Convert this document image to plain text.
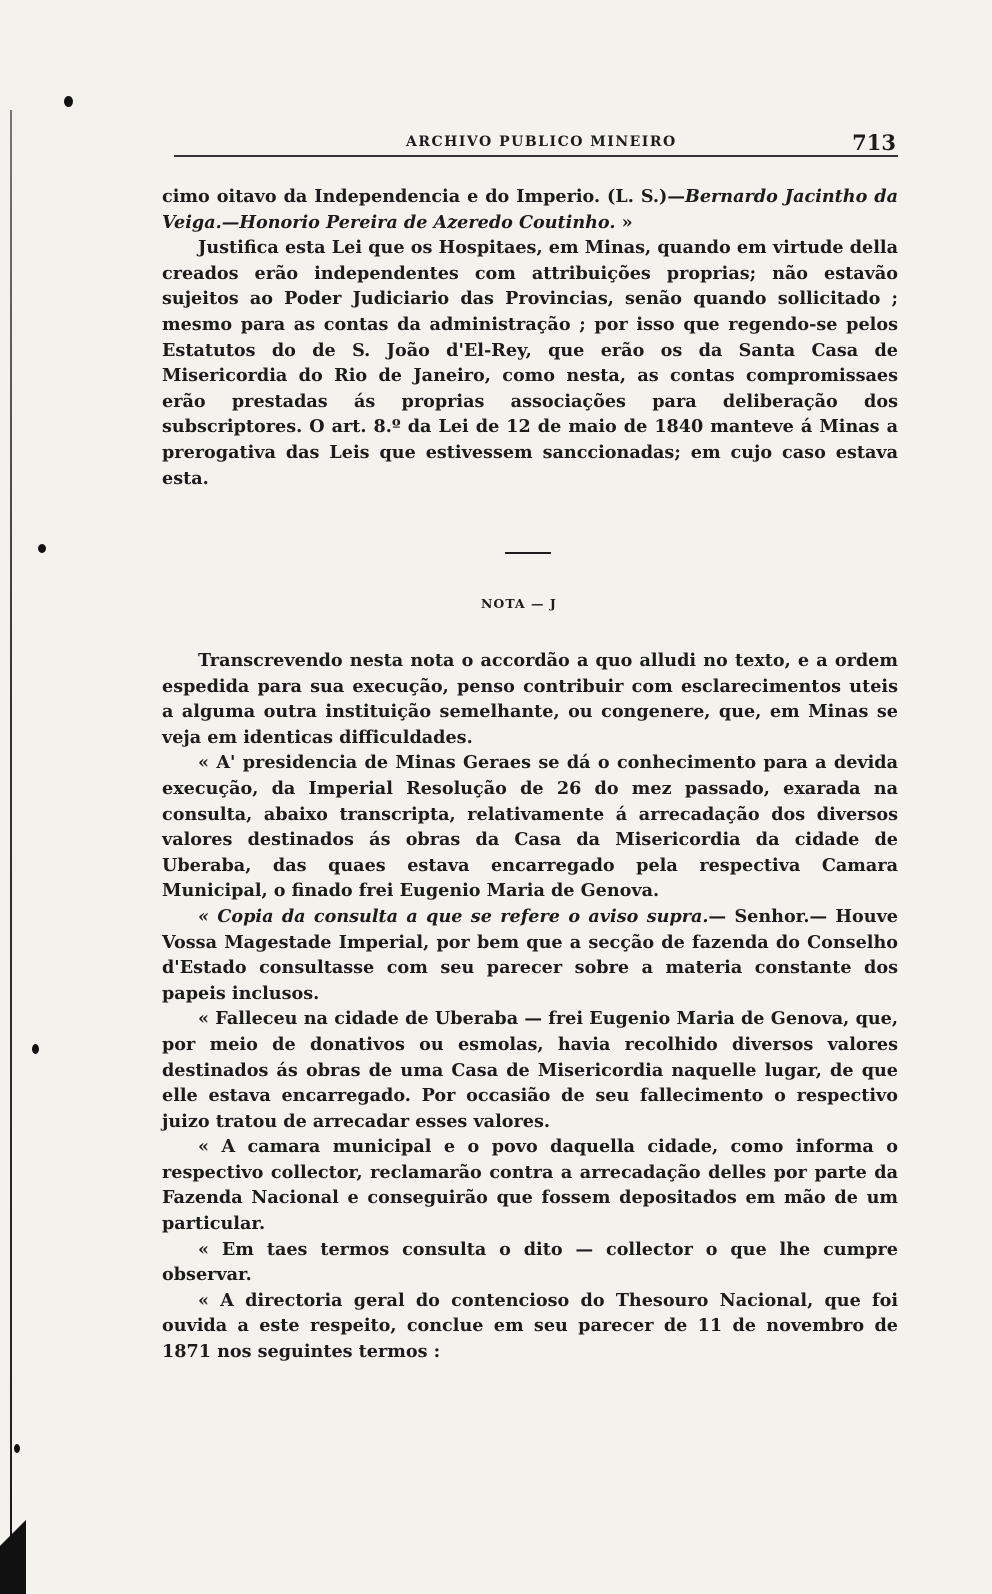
ARCHIVO PUBLICO MINEIRO	713

cimo oitavo da Independencia e do Imperio. (L. S.)—Bernardo Jacintho da Veiga.—Honorio Pereira de Azeredo Coutinho. »

Justifica esta Lei que os Hospitaes, em Minas, quando em virtude della creados erão independentes com attribuições proprias; não estavão sujeitos ao Poder Judiciario das Provincias, senão quando sollicitado ; mesmo para as contas da administração ; por isso que regendo-se pelos Estatutos do de S. João d'El-Rey, que erão os da Santa Casa de Misericordia do Rio de Janeiro, como nesta, as contas compromissaes erão prestadas ás proprias associações para deliberação dos subscriptores. O art. 8.º da Lei de 12 de maio de 1840 manteve á Minas a prerogativa das Leis que estivessem sanccionadas; em cujo caso estava esta.

NOTA — J

Transcrevendo nesta nota o accordão a quo alludi no texto, e a ordem espedida para sua execução, penso contribuir com esclarecimentos uteis a alguma outra instituição semelhante, ou congenere, que, em Minas se veja em identicas difficuldades.

« A' presidencia de Minas Geraes se dá o conhecimento para a devida execução, da Imperial Resolução de 26 do mez passado, exarada na consulta, abaixo transcripta, relativamente á arrecadação dos diversos valores destinados ás obras da Casa da Misericordia da cidade de Uberaba, das quaes estava encarregado pela respectiva Camara Municipal, o finado frei Eugenio Maria de Genova.

« Copia da consulta a que se refere o aviso supra.— Senhor.— Houve Vossa Magestade Imperial, por bem que a secção de fazenda do Conselho d'Estado consultasse com seu parecer sobre a materia constante dos papeis inclusos.

« Falleceu na cidade de Uberaba — frei Eugenio Maria de Genova, que, por meio de donativos ou esmolas, havia recolhido diversos valores destinados ás obras de uma Casa de Misericordia naquelle lugar, de que elle estava encarregado. Por occasião de seu fallecimento o respectivo juizo tratou de arrecadar esses valores.

« A camara municipal e o povo daquella cidade, como informa o respectivo collector, reclamarão contra a arrecadação delles por parte da Fazenda Nacional e conseguirão que fossem depositados em mão de um particular.

« Em taes termos consulta o dito — collector o que lhe cumpre observar.

« A directoria geral do contencioso do Thesouro Nacional, que foi ouvida a este respeito, conclue em seu parecer de 11 de novembro de 1871 nos seguintes termos :
